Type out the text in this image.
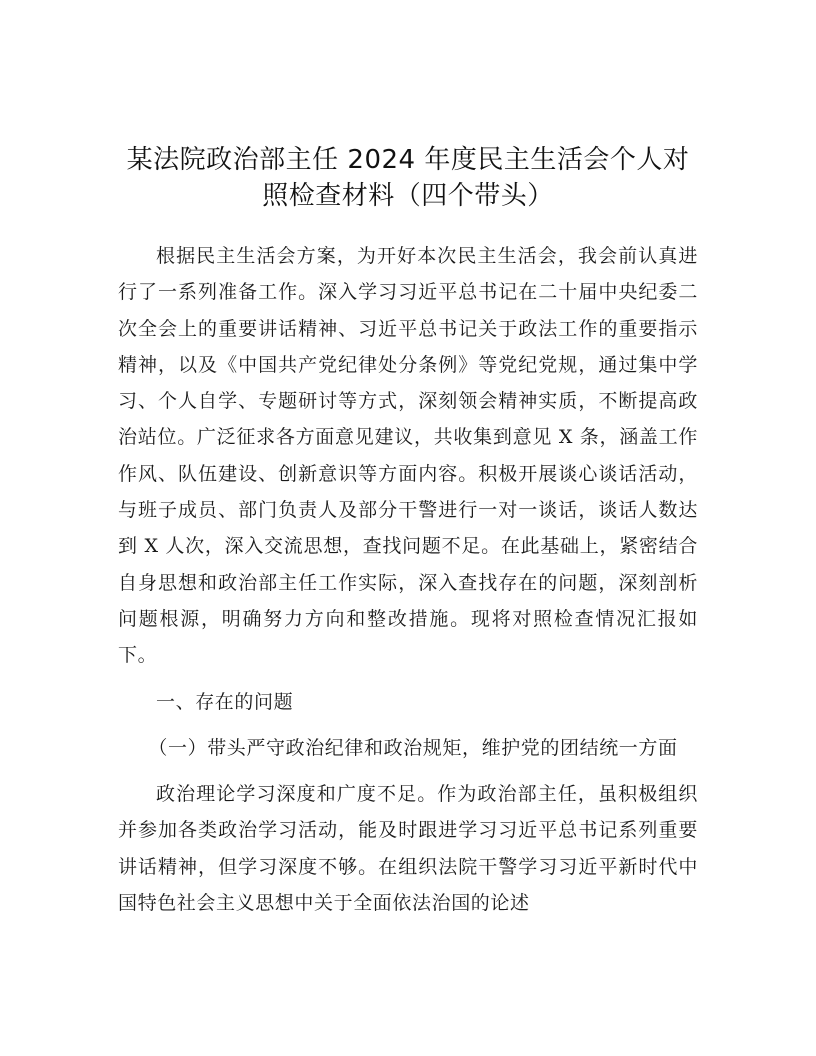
某法院政治部主任 2024 年度民主生活会个人对
照检查材料（四个带头）

根据民主生活会方案，为开好本次民主生活会，我会前认真进行了一系列准备工作。深入学习习近平总书记在二十届中央纪委二次全会上的重要讲话精神、习近平总书记关于政法工作的重要指示精神，以及《中国共产党纪律处分条例》等党纪党规，通过集中学习、个人自学、专题研讨等方式，深刻领会精神实质，不断提高政治站位。广泛征求各方面意见建议，共收集到意见 X 条，涵盖工作作风、队伍建设、创新意识等方面内容。积极开展谈心谈话活动，与班子成员、部门负责人及部分干警进行一对一谈话，谈话人数达到 X 人次，深入交流思想，查找问题不足。在此基础上，紧密结合自身思想和政治部主任工作实际，深入查找存在的问题，深刻剖析问题根源，明确努力方向和整改措施。现将对照检查情况汇报如下。

一、存在的问题

（一）带头严守政治纪律和政治规矩，维护党的团结统一方面

政治理论学习深度和广度不足。作为政治部主任，虽积极组织并参加各类政治学习活动，能及时跟进学习习近平总书记系列重要讲话精神，但学习深度不够。在组织法院干警学习习近平新时代中国特色社会主义思想中关于全面依法治国的论述
